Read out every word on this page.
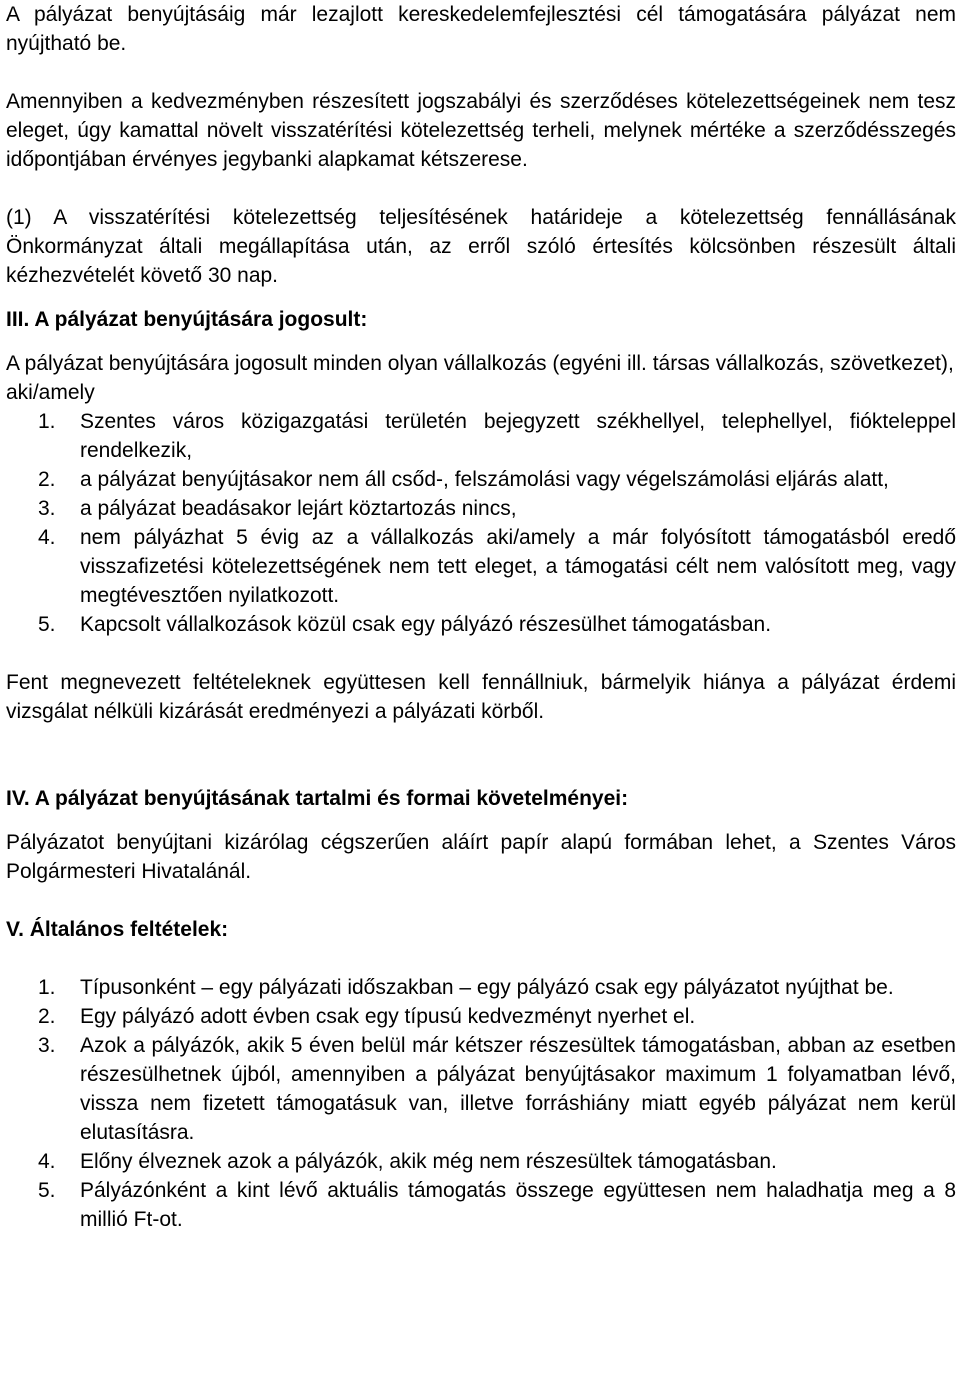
A pályázat benyújtásáig már lezajlott kereskedelemfejlesztési cél támogatására pályázat nem nyújtható be.

Amennyiben a kedvezményben részesített jogszabályi és szerződéses kötelezettségeinek nem tesz eleget, úgy kamattal növelt visszatérítési kötelezettség terheli, melynek mértéke a szerződésszegés időpontjában érvényes jegybanki alapkamat kétszerese.

(1) A visszatérítési kötelezettség teljesítésének határideje a kötelezettség fennállásának Önkormányzat általi megállapítása után, az erről szóló értesítés kölcsönben részesült általi kézhezvételét követő 30 nap.

III. A pályázat benyújtására jogosult:

A pályázat benyújtására jogosult minden olyan vállalkozás (egyéni ill. társas vállalkozás, szövetkezet),

aki/amely

1. Szentes város közigazgatási területén bejegyzett székhellyel, telephellyel, fiókteleppel rendelkezik,
2. a pályázat benyújtásakor nem áll csőd-, felszámolási vagy végelszámolási eljárás alatt,
3. a pályázat beadásakor lejárt köztartozás nincs,
4. nem pályázhat 5 évig az a vállalkozás aki/amely a már folyósított támogatásból eredő visszafizetési kötelezettségének nem tett eleget, a támogatási célt nem valósított meg, vagy megtévesztően nyilatkozott.
5. Kapcsolt vállalkozások közül csak egy pályázó részesülhet támogatásban.

Fent megnevezett feltételeknek együttesen kell fennállniuk, bármelyik hiánya a pályázat érdemi vizsgálat nélküli kizárását eredményezi a pályázati körből.

IV. A pályázat benyújtásának tartalmi és formai követelményei:

Pályázatot benyújtani kizárólag cégszerűen aláírt papír alapú formában lehet, a Szentes Város Polgármesteri Hivatalánál.

V. Általános feltételek:
1. Típusonként – egy pályázati időszakban – egy pályázó csak egy pályázatot nyújthat be.
2. Egy pályázó adott évben csak egy típusú kedvezményt nyerhet el.
3. Azok a pályázók, akik 5 éven belül már kétszer részesültek támogatásban, abban az esetben részesülhetnek újból, amennyiben a pályázat benyújtásakor maximum 1 folyamatban lévő, vissza nem fizetett támogatásuk van, illetve forráshiány miatt egyéb pályázat nem kerül elutasításra.
4. Előny élveznek azok a pályázók, akik még nem részesültek támogatásban.
5. Pályázónként a kint lévő aktuális támogatás összege együttesen nem haladhatja meg a 8 millió Ft-ot.
